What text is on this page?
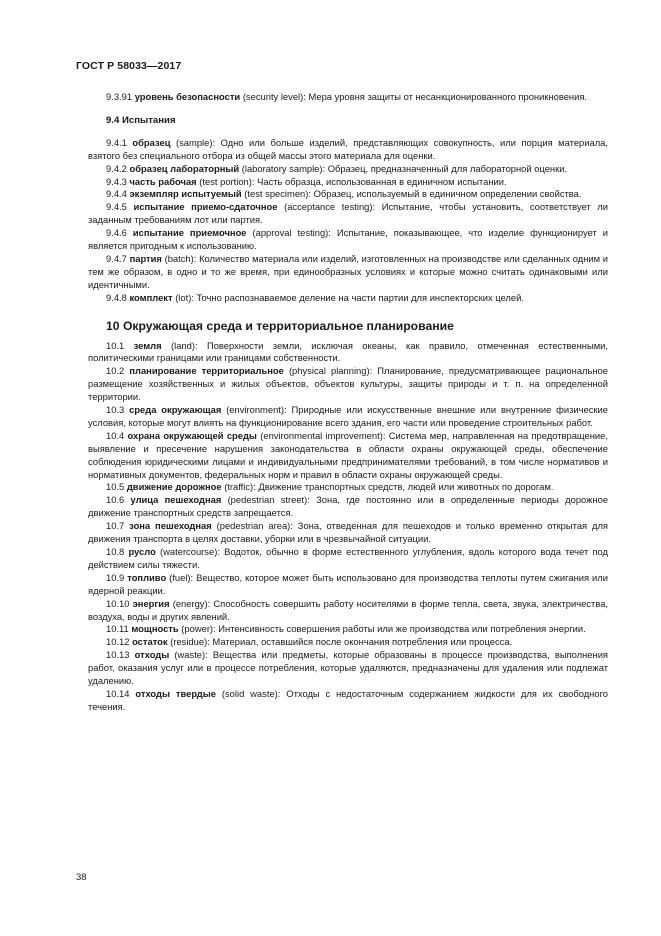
ГОСТ Р 58033—2017

9.3.91 уровень безопасности (security level): Мера уровня защиты от несанкционированного проникновения.

9.4 Испытания

9.4.1 образец (sample): Одно или больше изделий, представляющих совокупность, или порция материала, взятого без специального отбора из общей массы этого материала для оценки.

9.4.2 образец лабораторный (laboratory sample): Образец, предназначенный для лабораторной оценки.

9.4.3 часть рабочая (test portion): Часть образца, использованная в единичном испытании.

9.4.4 экземпляр испытуемый (test specimen): Образец, используемый в единичном определении свойства.

9.4.5 испытание приемо-сдаточное (acceptance testing): Испытание, чтобы установить, соответствует ли заданным требованиям лот или партия.

9.4.6 испытание приемочное (approval testing): Испытание, показывающее, что изделие функционирует и является пригодным к использованию.

9.4.7 партия (batch): Количество материала или изделий, изготовленных на производстве или сделанных одним и тем же образом, в одно и то же время, при единообразных условиях и которые можно считать одинаковыми или идентичными.

9.4.8 комплект (lot): Точно распознаваемое деление на части партии для инспекторских целей.

10 Окружающая среда и территориальное планирование

10.1 земля (land): Поверхности земли, исключая океаны, как правило, отмеченная естественными, политическими границами или границами собственности.

10.2 планирование территориальное (physical planning): Планирование, предусматривающее рациональное размещение хозяйственных и жилых объектов, объектов культуры, защиты природы и т. п. на определенной территории.

10.3 среда окружающая (environment): Природные или искусственные внешние или внутренние физические условия, которые могут влиять на функционирование всего здания, его части или проведение строительных работ.

10.4 охрана окружающей среды (environmental improvement): Система мер, направленная на предотвращение, выявление и пресечение нарушения законодательства в области охраны окружающей среды, обеспечение соблюдения юридическими лицами и индивидуальными предпринимателями требований, в том числе нормативов и нормативных документов, федеральных норм и правил в области охраны окружающей среды.

10.5 движение дорожное (traffic): Движение транспортных средств, людей или животных по дорогам.

10.6 улица пешеходная (pedestrian street): Зона, где постоянно или в определенные периоды дорожное движение транспортных средств запрещается.

10.7 зона пешеходная (pedestrian area): Зона, отведенная для пешеходов и только временно открытая для движения транспорта в целях доставки, уборки или в чрезвычайной ситуации.

10.8 русло (watercourse): Водоток, обычно в форме естественного углубления, вдоль которого вода течет под действием силы тяжести.

10.9 топливо (fuel): Вещество, которое может быть использовано для производства теплоты путем сжигания или ядерной реакции.

10.10 энергия (energy): Способность совершить работу носителями в форме тепла, света, звука, электричества, воздуха, воды и других явлений.

10.11 мощность (power): Интенсивность совершения работы или же производства или потребления энергии.

10.12 остаток (residue): Материал, оставшийся после окончания потребления или процесса.

10.13 отходы (waste): Вещества или предметы, которые образованы в процессе производства, выполнения работ, оказания услуг или в процессе потребления, которые удаляются, предназначены для удаления или подлежат удалению.

10.14 отходы твердые (solid waste): Отходы с недостаточным содержанием жидкости для их свободного течения.

38
